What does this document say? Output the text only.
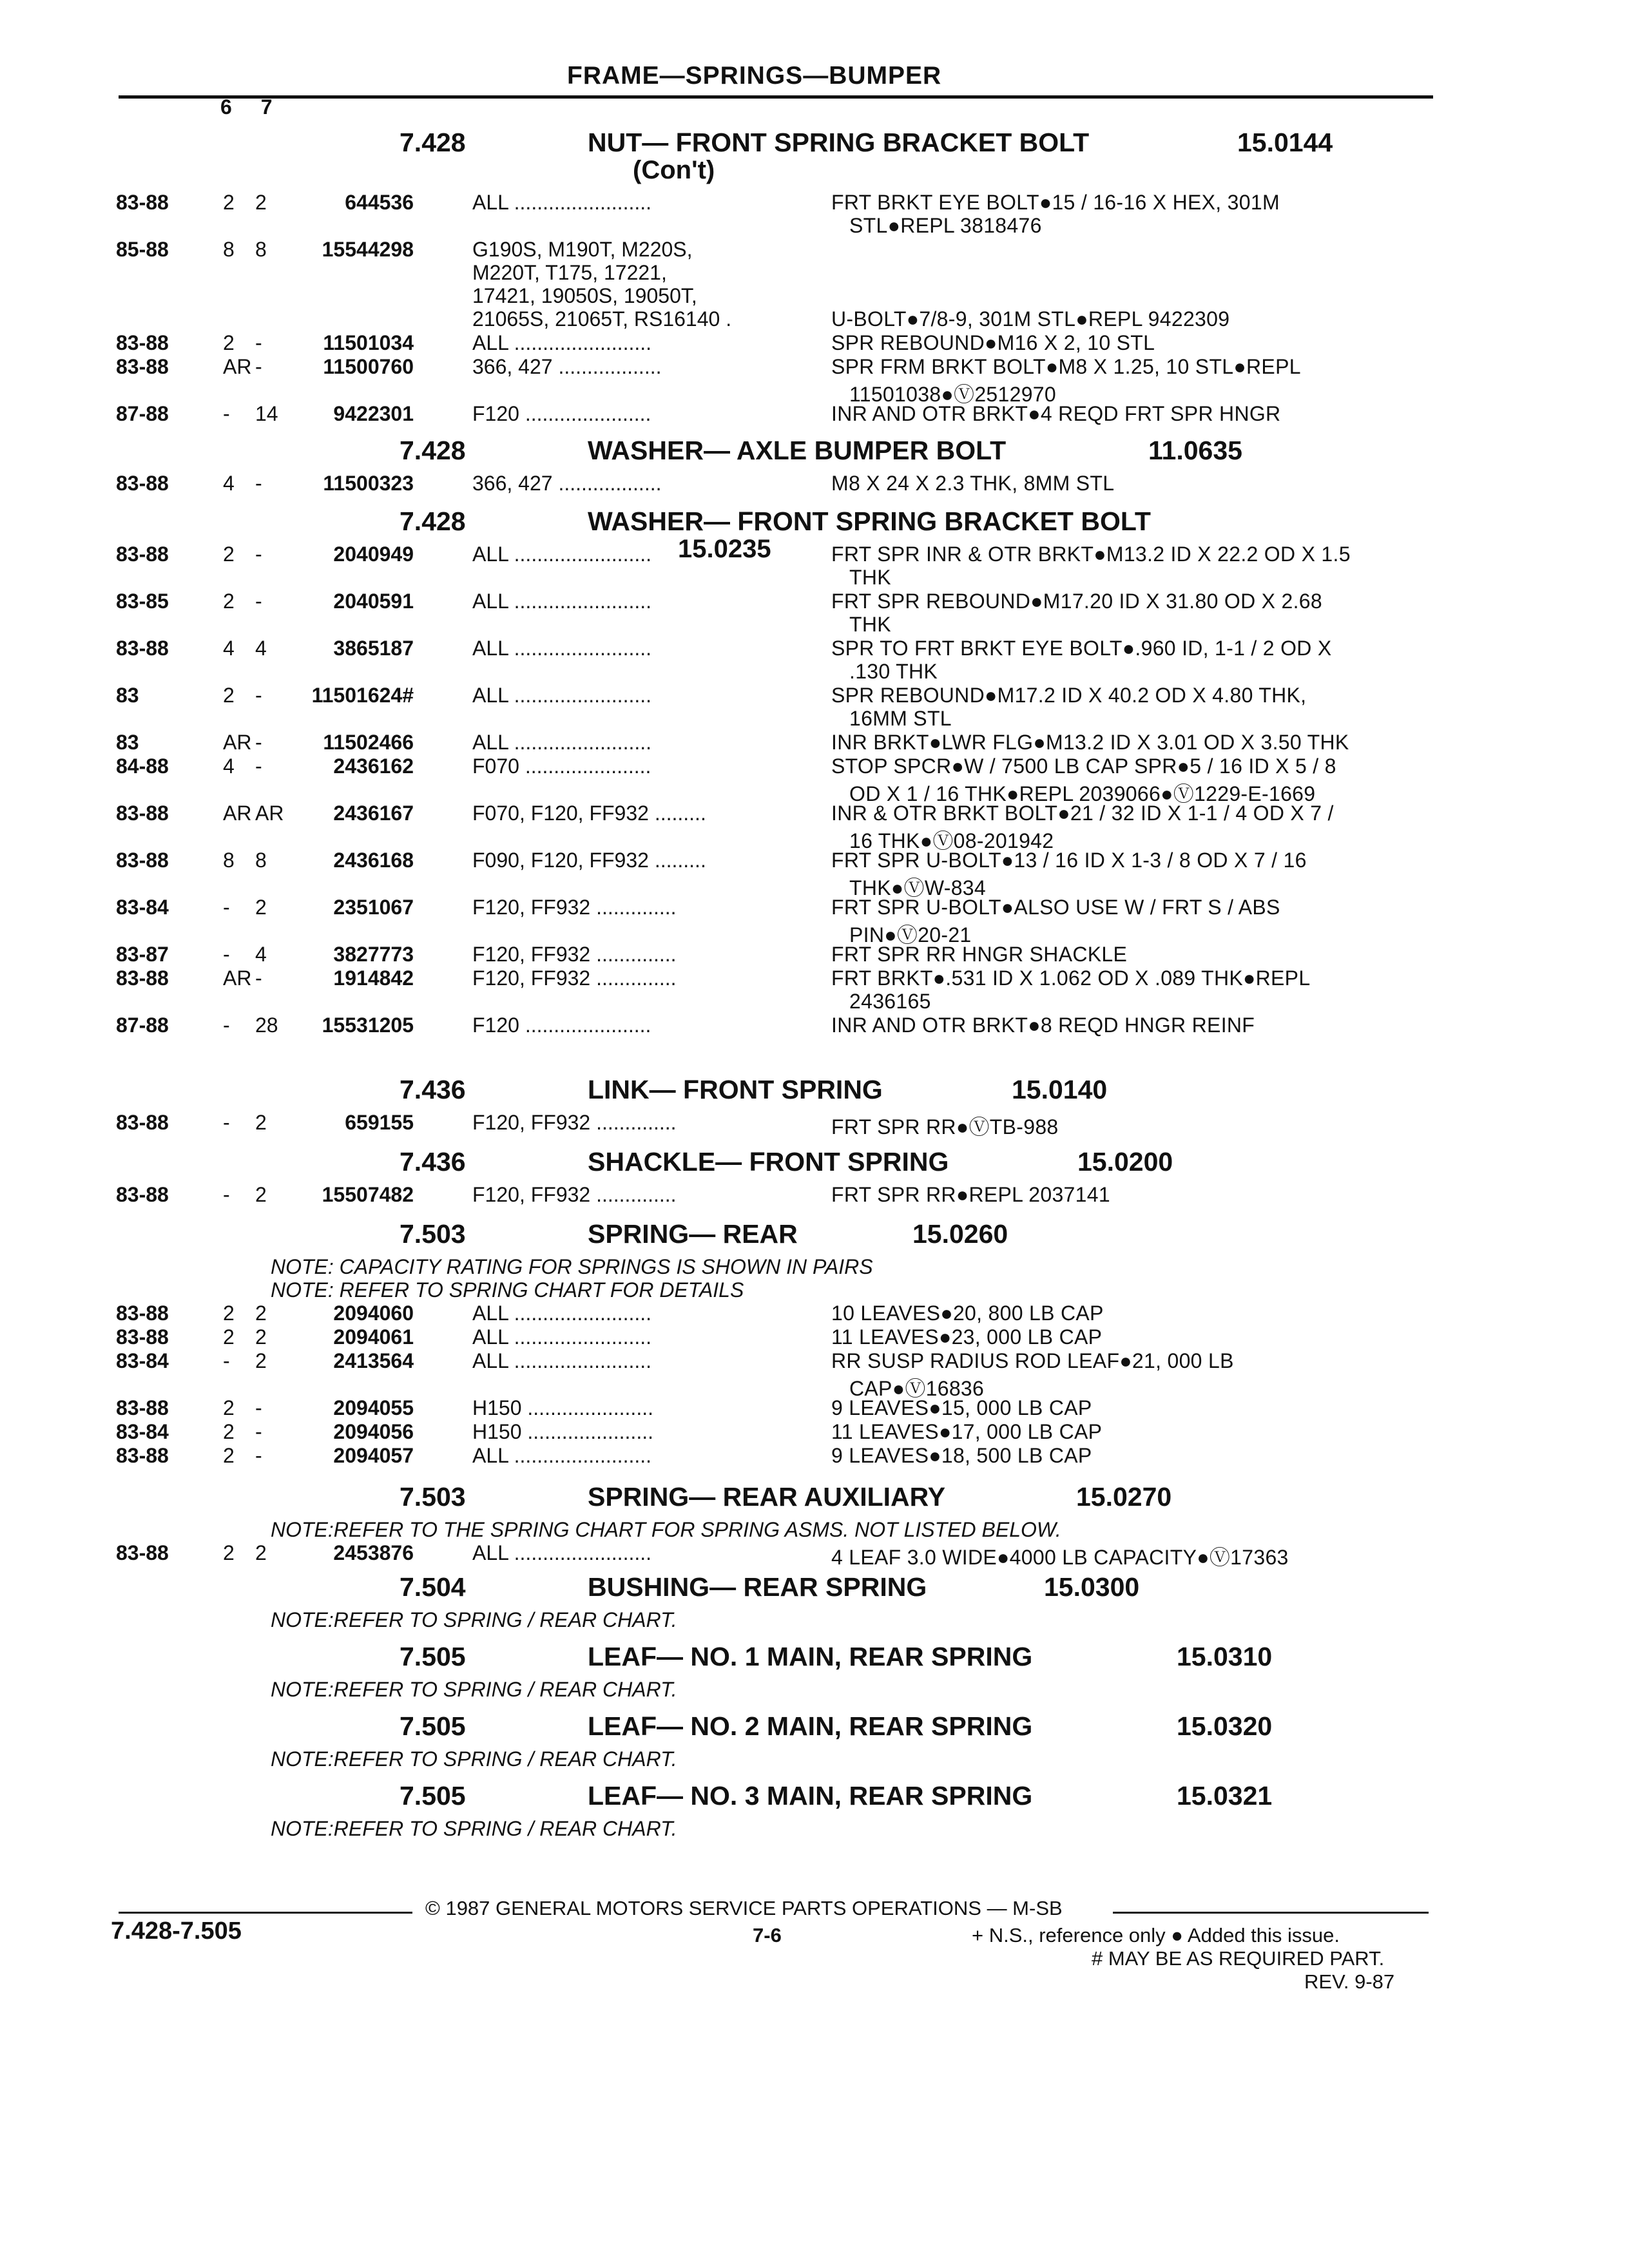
FRAME—SPRINGS—BUMPER
6 7
7.428	NUT— FRONT SPRING BRACKET BOLT	15.0144
(Con't)
83-88	2 2	644536	ALL ........................	FRT BRKT EYE BOLT●15 / 16-16 X HEX, 301M
STL●REPL 3818476
85-88	8 8	15544298	G190S, M190T, M220S,
M220T, T175, 17221,
17421, 19050S, 19050T,
21065S, 21065T, RS16140 .	U-BOLT●7/8-9, 301M STL●REPL 9422309
83-88	2 -	11501034	ALL ........................	SPR REBOUND●M16 X 2, 10 STL
83-88	AR -	11500760	366, 427 ..................	SPR FRM BRKT BOLT●M8 X 1.25, 10 STL●REPL
11501038●Ⓥ2512970
87-88	- 14	9422301	F120 ......................	INR AND OTR BRKT●4 REQD FRT SPR HNGR
7.428	WASHER— AXLE BUMPER BOLT	11.0635
83-88	4 -	11500323	366, 427 ..................	M8 X 24 X 2.3 THK, 8MM STL
7.428	WASHER— FRONT SPRING BRACKET BOLT
15.0235
83-88	2 -	2040949	ALL ........................	FRT SPR INR & OTR BRKT●M13.2 ID X 22.2 OD X 1.5
THK
83-85	2 -	2040591	ALL ........................	FRT SPR REBOUND●M17.20 ID X 31.80 OD X 2.68
THK
83-88	4 4	3865187	ALL ........................	SPR TO FRT BRKT EYE BOLT●.960 ID, 1-1 / 2 OD X
.130 THK
83	2 -	11501624#	ALL ........................	SPR REBOUND●M17.2 ID X 40.2 OD X 4.80 THK,
16MM STL
83	AR -	11502466	ALL ........................	INR BRKT●LWR FLG●M13.2 ID X 3.01 OD X 3.50 THK
84-88	4 -	2436162	F070 ......................	STOP SPCR●W / 7500 LB CAP SPR●5 / 16 ID X 5 / 8
OD X 1 / 16 THK●REPL 2039066●Ⓥ1229-E-1669
83-88	AR AR	2436167	F070, F120, FF932 .........	INR & OTR BRKT BOLT●21 / 32 ID X 1-1 / 4 OD X 7 /
16 THK●Ⓥ08-201942
83-88	8 8	2436168	F090, F120, FF932 .........	FRT SPR U-BOLT●13 / 16 ID X 1-3 / 8 OD X 7 / 16
THK●ⓋW-834
83-84	- 2	2351067	F120, FF932 ..............	FRT SPR U-BOLT●ALSO USE W / FRT S / ABS
PIN●Ⓥ20-21
83-87	- 4	3827773	F120, FF932 ..............	FRT SPR RR HNGR SHACKLE
83-88	AR -	1914842	F120, FF932 ..............	FRT BRKT●.531 ID X 1.062 OD X .089 THK●REPL
2436165
87-88	- 28	15531205	F120 ......................	INR AND OTR BRKT●8 REQD HNGR REINF
7.436	LINK— FRONT SPRING	15.0140
83-88	- 2	659155	F120, FF932 ..............	FRT SPR RR●ⓋTB-988
7.436	SHACKLE— FRONT SPRING	15.0200
83-88	- 2	15507482	F120, FF932 ..............	FRT SPR RR●REPL 2037141
7.503	SPRING— REAR	15.0260
NOTE: CAPACITY RATING FOR SPRINGS IS SHOWN IN PAIRS
NOTE: REFER TO SPRING CHART FOR DETAILS
83-88	2 2	2094060	ALL ........................	10 LEAVES●20, 800 LB CAP
83-88	2 2	2094061	ALL ........................	11 LEAVES●23, 000 LB CAP
83-84	- 2	2413564	ALL ........................	RR SUSP RADIUS ROD LEAF●21, 000 LB
CAP●Ⓥ16836
83-88	2 -	2094055	H150 ......................	9 LEAVES●15, 000 LB CAP
83-84	2 -	2094056	H150 ......................	11 LEAVES●17, 000 LB CAP
83-88	2 -	2094057	ALL ........................	9 LEAVES●18, 500 LB CAP
7.503	SPRING— REAR AUXILIARY	15.0270
NOTE:REFER TO THE SPRING CHART FOR SPRING ASMS. NOT LISTED BELOW.
83-88	2 2	2453876	ALL ........................	4 LEAF 3.0 WIDE●4000 LB CAPACITY●Ⓥ17363
7.504	BUSHING— REAR SPRING	15.0300
NOTE:REFER TO SPRING / REAR CHART.
7.505	LEAF— NO. 1 MAIN, REAR SPRING	15.0310
NOTE:REFER TO SPRING / REAR CHART.
7.505	LEAF— NO. 2 MAIN, REAR SPRING	15.0320
NOTE:REFER TO SPRING / REAR CHART.
7.505	LEAF— NO. 3 MAIN, REAR SPRING	15.0321
NOTE:REFER TO SPRING / REAR CHART.
© 1987 GENERAL MOTORS SERVICE PARTS OPERATIONS — M-SB
7.428-7.505	7-6	+ N.S., reference only ● Added this issue.
# MAY BE AS REQUIRED PART.
REV. 9-87
